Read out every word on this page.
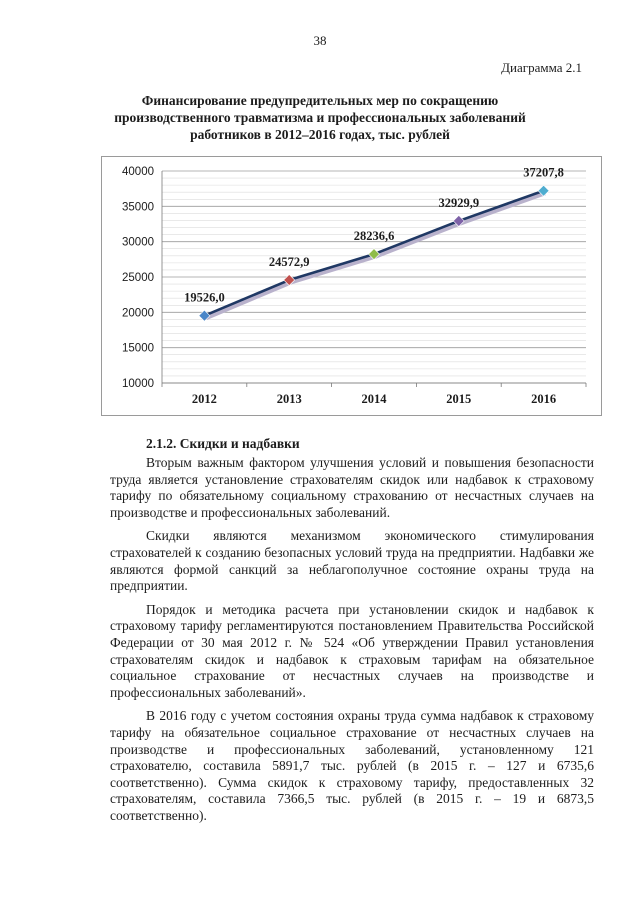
38
Диаграмма 2.1
Финансирование предупредительных мер по сокращению производственного травматизма и профессиональных заболеваний работников в 2012–2016 годах, тыс. рублей
10000
15000
20000
25000
30000
35000
40000
2012	2013	2014	2015	2016
19526,0
24572,9
28236,6
32929,9
37207,8
2.1.2. Скидки и надбавки

Вторым важным фактором улучшения условий и повышения безопасности труда является установление страхователям скидок или надбавок к страховому тарифу по обязательному социальному страхованию от несчастных случаев на производстве и профессиональных заболеваний.

Скидки являются механизмом экономического стимулирования страхователей к созданию безопасных условий труда на предприятии. Надбавки же являются формой санкций за неблагополучное состояние охраны труда на предприятии.

Порядок и методика расчета при установлении скидок и надбавок к страховому тарифу регламентируются постановлением Правительства Российской Федерации от 30 мая 2012 г. № 524 «Об утверждении Правил установления страхователям скидок и надбавок к страховым тарифам на обязательное социальное страхование от несчастных случаев на производстве и профессиональных заболеваний».

В 2016 году с учетом состояния охраны труда сумма надбавок к страховому тарифу на обязательное социальное страхование от несчастных случаев на производстве и профессиональных заболеваний, установленному 121 страхователю, составила 5891,7 тыс. рублей (в 2015 г. – 127 и 6735,6 соответственно). Сумма скидок к страховому тарифу, предоставленных 32 страхователям, составила 7366,5 тыс. рублей (в 2015 г. – 19 и 6873,5 соответственно).
